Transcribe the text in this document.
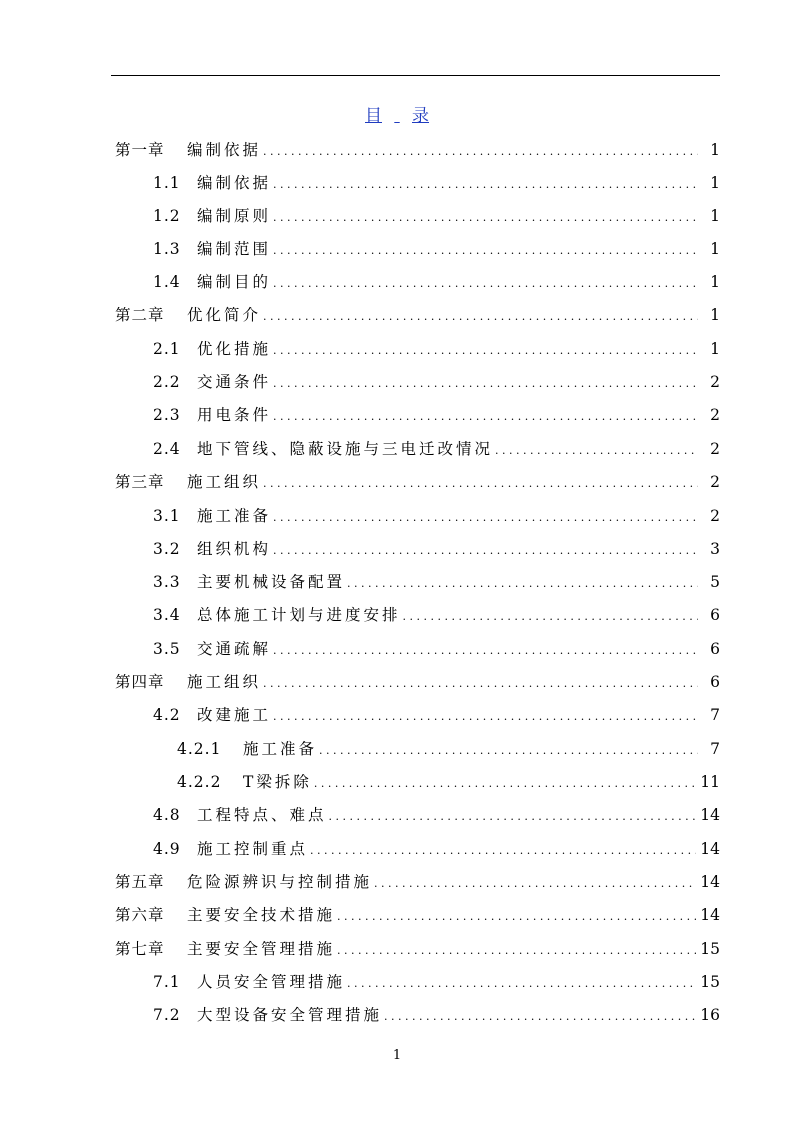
目 录
第一章	编制依据 . . .	1
1.1	编制依据 . . .	1
1.2	编制原则 . . .	1
1.3	编制范围 . . .	1
1.4	编制目的 . . .	1
第二章	优化简介 . . .	1
2.1	优化措施 . . .	1
2.2	交通条件 . . .	2
2.3	用电条件 . . .	2
2.4	地下管线、隐蔽设施与三电迁改情况 . . .	2
第三章	施工组织 . . .	2
3.1	施工准备 . . .	2
3.2	组织机构 . . .	3
3.3	主要机械设备配置 . . .	5
3.4	总体施工计划与进度安排 . . .	6
3.5	交通疏解 . . .	6
第四章	施工组织 . . .	6
4.2	改建施工 . . .	7
4.2.1	施工准备 . . .	7
4.2.2	T梁拆除 . . .	11
4.8	工程特点、难点 . . .	14
4.9	施工控制重点 . . .	14
第五章	危险源辨识与控制措施 . . .	14
第六章	主要安全技术措施 . . .	14
第七章	主要安全管理措施 . . .	15
7.1	人员安全管理措施 . . .	15
7.2	大型设备安全管理措施 . . .	16
1
